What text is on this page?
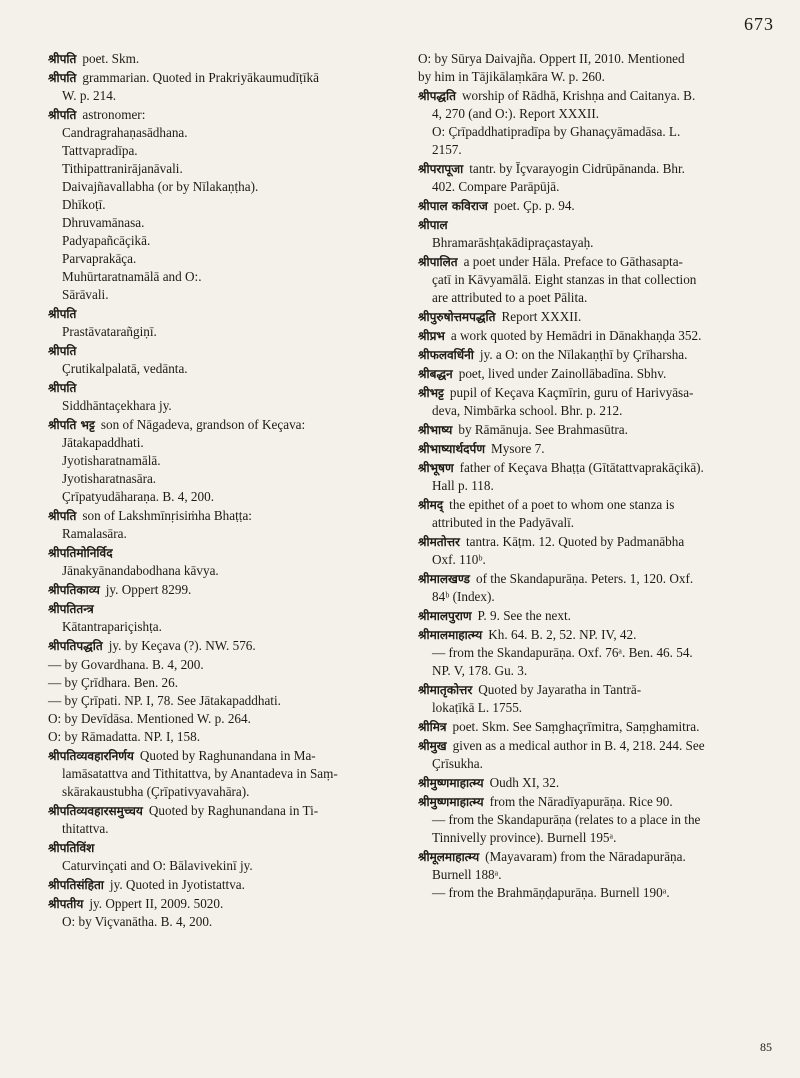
673

श्रीपति poet. Skm.

श्रीपति grammarian. Quoted in Prakriyākaumudīṭīkā

W. p. 214.

श्रीपति astronomer:

Candragrahaṇasādhana.

Tattvapradīpa.

Tithipattranirājanāvali.

Daivajñavallabha (or by Nīlakaṇṭha).

Dhīkoṭī.

Dhruvamānasa.

Padyapañcāçikā.

Parvaprakāça.

Muhūrtaratnamālā and O:.

Sārāvali.

श्रीपति

Prastāvatarañgiṇī.

श्रीपति

Çrutikalpalatā, vedānta.

श्रीपति

Siddhāntaçekhara jy.

श्रीपति भट्ट son of Nāgadeva, grandson of Keçava:

Jātakapaddhati.

Jyotisharatnamālā.

Jyotisharatnasāra.

Çrīpatyudāharaṇa. B. 4, 200.

श्रीपति son of Lakshmīnṛisiṁha Bhaṭṭa:

Ramalasāra.

श्रीपतिमोनिर्विद

Jānakyānandabodhana kāvya.

श्रीपतिकाव्य jy. Oppert 8299.

श्रीपतितन्त्र

Kātantrapariçishṭa.

श्रीपतिपद्धति jy. by Keçava (?). NW. 576.

— by Govardhana. B. 4, 200.

— by Çrīdhara. Ben. 26.

— by Çrīpati. NP. I, 78. See Jātakapaddhati.

O: by Devīdāsa. Mentioned W. p. 264.

O: by Rāmadatta. NP. I, 158.

श्रीपतिव्यवहारनिर्णय Quoted by Raghunandana in Ma-

lamāsatattva and Tithitattva, by Anantadeva in Saṃ-

skārakaustubha (Çrīpativyavahāra).

श्रीपतिव्यवहारसमुच्चय Quoted by Raghunandana in Ti-

thitattva.

श्रीपतिविंश

Caturvinçati and O: Bālavivekinī jy.

श्रीपतिसंहिता jy. Quoted in Jyotistattva.

श्रीपतीय jy. Oppert II, 2009. 5020.

O: by Viçvanātha. B. 4, 200.

O: by Sūrya Daivajña. Oppert II, 2010. Mentioned

by him in Tājikālaṃkāra W. p. 260.

श्रीपद्धति worship of Rādhā, Krishṇa and Caitanya. B.

4, 270 (and O:). Report XXXII.

O: Çrīpaddhatipradīpa by Ghanaçyāmadāsa. L.

2157.

श्रीपरापूजा tantr. by Īçvarayogin Cidrūpānanda. Bhr.

402. Compare Parāpūjā.

श्रीपाल कविराज poet. Çp. p. 94.

श्रीपाल

Bhramarāshṭakādipraçastayaḥ.

श्रीपालित a poet under Hāla. Preface to Gāthasapta-

çatī in Kāvyamālā. Eight stanzas in that collection

are attributed to a poet Pālita.

श्रीपुरुषोत्तमपद्धति Report XXXII.

श्रीप्रभ a work quoted by Hemādri in Dānakhaṇḍa 352.

श्रीफलवर्धिनी jy. a O: on the Nīlakaṇṭhī by Çrīharsha.

श्रीबद्धन poet, lived under Zainollābadīna. Sbhv.

श्रीभट्ट pupil of Keçava Kaçmīrin, guru of Harivyāsa-

deva, Nimbārka school. Bhr. p. 212.

श्रीभाष्य by Rāmānuja. See Brahmasūtra.

श्रीभाष्यार्थदर्पण Mysore 7.

श्रीभूषण father of Keçava Bhaṭṭa (Gītātattvaprakāçikā).

Hall p. 118.

श्रीमद् the epithet of a poet to whom one stanza is

attributed in the Padyāvalī.

श्रीमतोत्तर tantra. Kāṭm. 12. Quoted by Padmanābha

Oxf. 110ᵇ.

श्रीमालखण्ड of the Skandapurāṇa. Peters. 1, 120. Oxf.

84ᵇ (Index).

श्रीमालपुराण P. 9. See the next.

श्रीमालमाहात्म्य Kh. 64. B. 2, 52. NP. IV, 42.

— from the Skandapurāṇa. Oxf. 76ᵃ. Ben. 46. 54.

NP. V, 178. Gu. 3.

श्रीमातृकोत्तर Quoted by Jayaratha in Tantrā-

lokaṭīkā L. 1755.

श्रीमित्र poet. Skm. See Saṃghaçrīmitra, Saṃghamitra.

श्रीमुख given as a medical author in B. 4, 218. 244. See

Çrīsukha.

श्रीमुष्णमाहात्म्य Oudh XI, 32.

श्रीमुष्णमाहात्म्य from the Nāradīyapurāṇa. Rice 90.

— from the Skandapurāṇa (relates to a place in the

Tinnivelly province). Burnell 195ᵃ.

श्रीमूलमाहात्म्य (Mayavaram) from the Nāradapurāṇa.

Burnell 188ᵃ.

— from the Brahmāṇḍapurāṇa. Burnell 190ᵃ.

85
